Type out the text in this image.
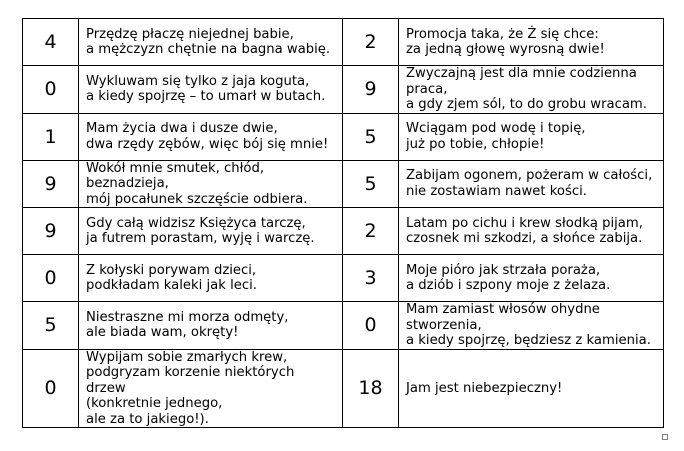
4	Przędzę płaczę niejednej babie,
a mężczyzn chętnie na bagna wabię.	2	Promocja taka, że Ż się chce:
za jedną głowę wyrosną dwie!
0	Wykluwam się tylko z jaja koguta,
a kiedy spojrzę – to umarł w butach.	9	Zwyczajną jest dla mnie codzienna praca,
a gdy zjem sól, to do grobu wracam.
1	Mam życia dwa i dusze dwie,
dwa rzędy zębów, więc bój się mnie!	5	Wciągam pod wodę i topię,
już po tobie, chłopie!
9	Wokół mnie smutek, chłód,
beznadzieja,
mój pocałunek szczęście odbiera.	5	Zabijam ogonem, pożeram w całości,
nie zostawiam nawet kości.
9	Gdy całą widzisz Księżyca tarczę,
ja futrem porastam, wyję i warczę.	2	Latam po cichu i krew słodką pijam,
czosnek mi szkodzi, a słońce zabija.
0	Z kołyski porywam dzieci,
podkładam kaleki jak leci.	3	Moje pióro jak strzała poraża,
a dziób i szpony moje z żelaza.
5	Niestraszne mi morza odmęty,
ale biada wam, okręty!	0	Mam zamiast włosów ohydne stworzenia,
a kiedy spojrzę, będziesz z kamienia.
0	Wypijam sobie zmarłych krew,
podgryzam korzenie niektórych drzew
(konkretnie jednego,
ale za to jakiego!).	18	Jam jest niebezpieczny!
